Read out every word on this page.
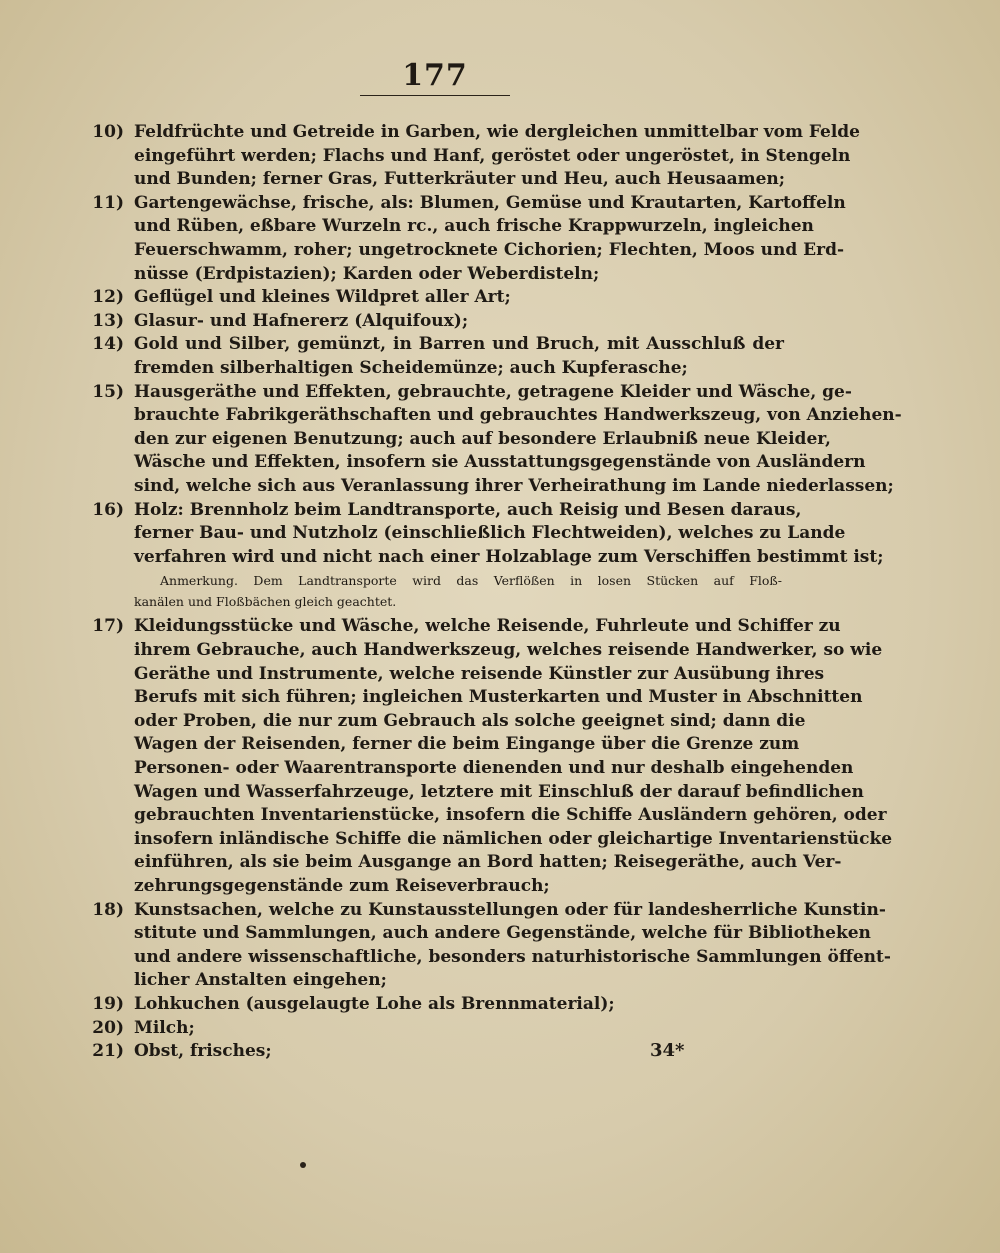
177
10) Feldfrüchte und Getreide in Garben, wie dergleichen unmittelbar vom Felde
eingeführt werden; Flachs und Hanf, geröstet oder ungeröstet, in Stengeln
und Bunden; ferner Gras, Futterkräuter und Heu, auch Heusaamen;
11) Gartengewächse, frische, als: Blumen, Gemüse und Krautarten, Kartoffeln
und Rüben, eßbare Wurzeln rc., auch frische Krappwurzeln, ingleichen
Feuerschwamm, roher; ungetrocknete Cichorien; Flechten, Moos und Erd-
nüsse (Erdpistazien); Karden oder Weberdisteln;
12) Geflügel und kleines Wildpret aller Art;
13) Glasur- und Hafnererz (Alquifoux);
14) Gold und Silber, gemünzt, in Barren und Bruch, mit Ausschluß der
fremden silberhaltigen Scheidemünze; auch Kupferasche;
15) Hausgeräthe und Effekten, gebrauchte, getragene Kleider und Wäsche, ge-
brauchte Fabrikgeräthschaften und gebrauchtes Handwerkszeug, von Anziehen-
den zur eigenen Benutzung; auch auf besondere Erlaubniß neue Kleider,
Wäsche und Effekten, insofern sie Ausstattungsgegenstände von Ausländern
sind, welche sich aus Veranlassung ihrer Verheirathung im Lande niederlassen;
16) Holz: Brennholz beim Landtransporte, auch Reisig und Besen daraus,
ferner Bau- und Nutzholz (einschließlich Flechtweiden), welches zu Lande
verfahren wird und nicht nach einer Holzablage zum Verschiffen bestimmt ist;
Anmerkung. Dem Landtransporte wird das Verflößen in losen Stücken auf Floß-
kanälen und Floßbächen gleich geachtet.
17) Kleidungsstücke und Wäsche, welche Reisende, Fuhrleute und Schiffer zu
ihrem Gebrauche, auch Handwerkszeug, welches reisende Handwerker, so wie
Geräthe und Instrumente, welche reisende Künstler zur Ausübung ihres
Berufs mit sich führen; ingleichen Musterkarten und Muster in Abschnitten
oder Proben, die nur zum Gebrauch als solche geeignet sind; dann die
Wagen der Reisenden, ferner die beim Eingange über die Grenze zum
Personen- oder Waarentransporte dienenden und nur deshalb eingehenden
Wagen und Wasserfahrzeuge, letztere mit Einschluß der darauf befindlichen
gebrauchten Inventarienstücke, insofern die Schiffe Ausländern gehören, oder
insofern inländische Schiffe die nämlichen oder gleichartige Inventarienstücke
einführen, als sie beim Ausgange an Bord hatten; Reisegeräthe, auch Ver-
zehrungsgegenstände zum Reiseverbrauch;
18) Kunstsachen, welche zu Kunstausstellungen oder für landesherrliche Kunstin-
stitute und Sammlungen, auch andere Gegenstände, welche für Bibliotheken
und andere wissenschaftliche, besonders naturhistorische Sammlungen öffent-
licher Anstalten eingehen;
19) Lohkuchen (ausgelaugte Lohe als Brennmaterial);
20) Milch;
21) Obst, frisches;	34*
